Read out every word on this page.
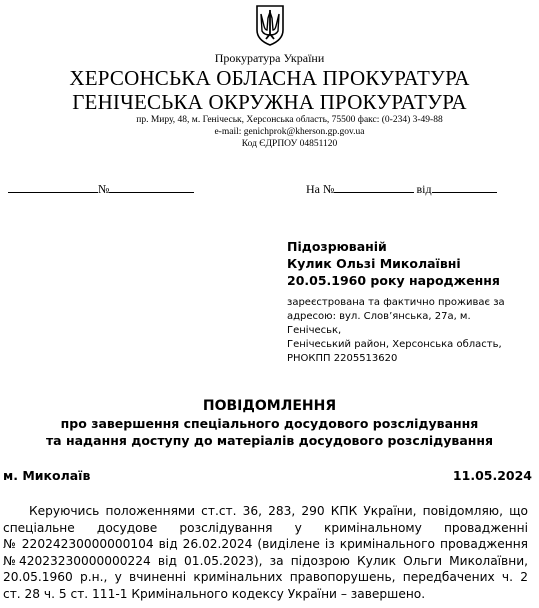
Прокуратура України
ХЕРСОНСЬКА ОБЛАСНА ПРОКУРАТУРА
ГЕНІЧЕСЬКА ОКРУЖНА ПРОКУРАТУРА
пр. Миру, 48, м. Генічеськ, Херсонська область, 75500 факс: (0-234) 3-49-88
e-mail: genichprok@kherson.gp.gov.ua
Код ЄДРПОУ 04851120
№	На №	від
Підозрюваній
Кулик Ользі Миколаївні
20.05.1960 року народження
зареєстрована та фактично проживає за
адресою: вул. Слов’янська, 27а, м. Генічеськ,
Генічеський район, Херсонська область,
РНОКПП 2205513620
ПОВІДОМЛЕННЯ
про завершення спеціального досудового розслідування
та надання доступу до матеріалів досудового розслідування
м. Миколаїв	11.05.2024
Керуючись положеннями ст.ст. 36, 283, 290 КПК України, повідомляю, що
спеціальне досудове розслідування у кримінальному провадженні
№ 22024230000000104 від 26.02.2024 (виділене із кримінального провадження
№42023230000000224 від 01.05.2023), за підозрою Кулик Ольги Миколаївни,
20.05.1960 р.н., у вчиненні кримінальних правопорушень, передбачених ч. 2
ст. 28 ч. 5 ст. 111-1 Кримінального кодексу України – завершено.
